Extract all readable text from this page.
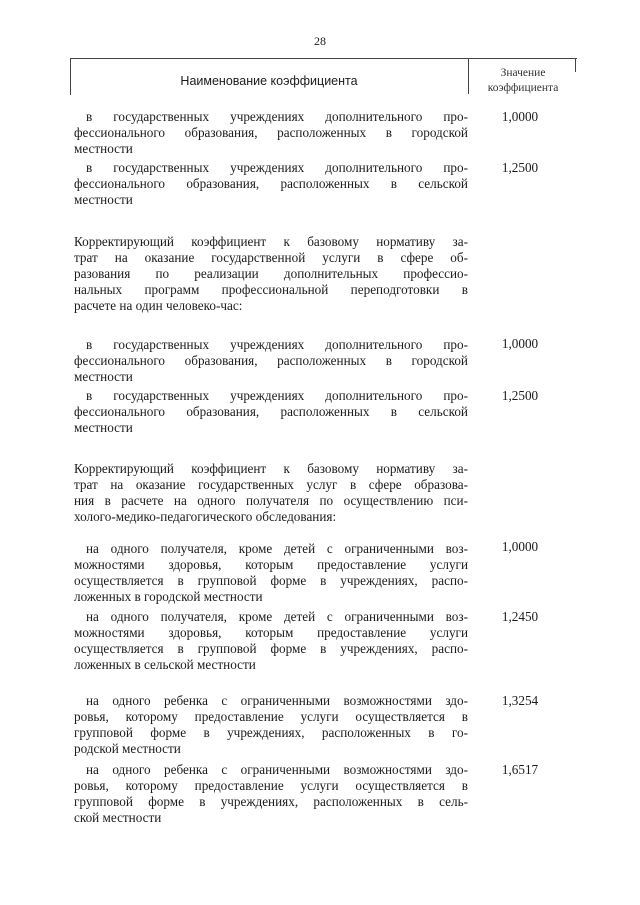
28
Наименование коэффициента
Значение
коэффициента
в государственных учреждениях дополнительного про-
фессионального образования, расположенных в городской
местности
1,0000
в государственных учреждениях дополнительного про-
фессионального образования, расположенных в сельской
местности
1,2500
Корректирующий коэффициент к базовому нормативу за-
трат на оказание государственной услуги в сфере об-
разования по реализации дополнительных профессио-
нальных программ профессиональной переподготовки в
расчете на один человеко-час:
в государственных учреждениях дополнительного про-
фессионального образования, расположенных в городской
местности
1,0000
в государственных учреждениях дополнительного про-
фессионального образования, расположенных в сельской
местности
1,2500
Корректирующий коэффициент к базовому нормативу за-
трат на оказание государственных услуг в сфере образова-
ния в расчете на одного получателя по осуществлению пси-
холого-медико-педагогического обследования:
на одного получателя, кроме детей с ограниченными воз-
можностями здоровья, которым предоставление услуги
осуществляется в групповой форме в учреждениях, распо-
ложенных в городской местности
1,0000
на одного получателя, кроме детей с ограниченными воз-
можностями здоровья, которым предоставление услуги
осуществляется в групповой форме в учреждениях, распо-
ложенных в сельской местности
1,2450
на одного ребенка с ограниченными возможностями здо-
ровья, которому предоставление услуги осуществляется в
групповой форме в учреждениях, расположенных в го-
родской местности
1,3254
на одного ребенка с ограниченными возможностями здо-
ровья, которому предоставление услуги осуществляется в
групповой форме в учреждениях, расположенных в сель-
ской местности
1,6517
